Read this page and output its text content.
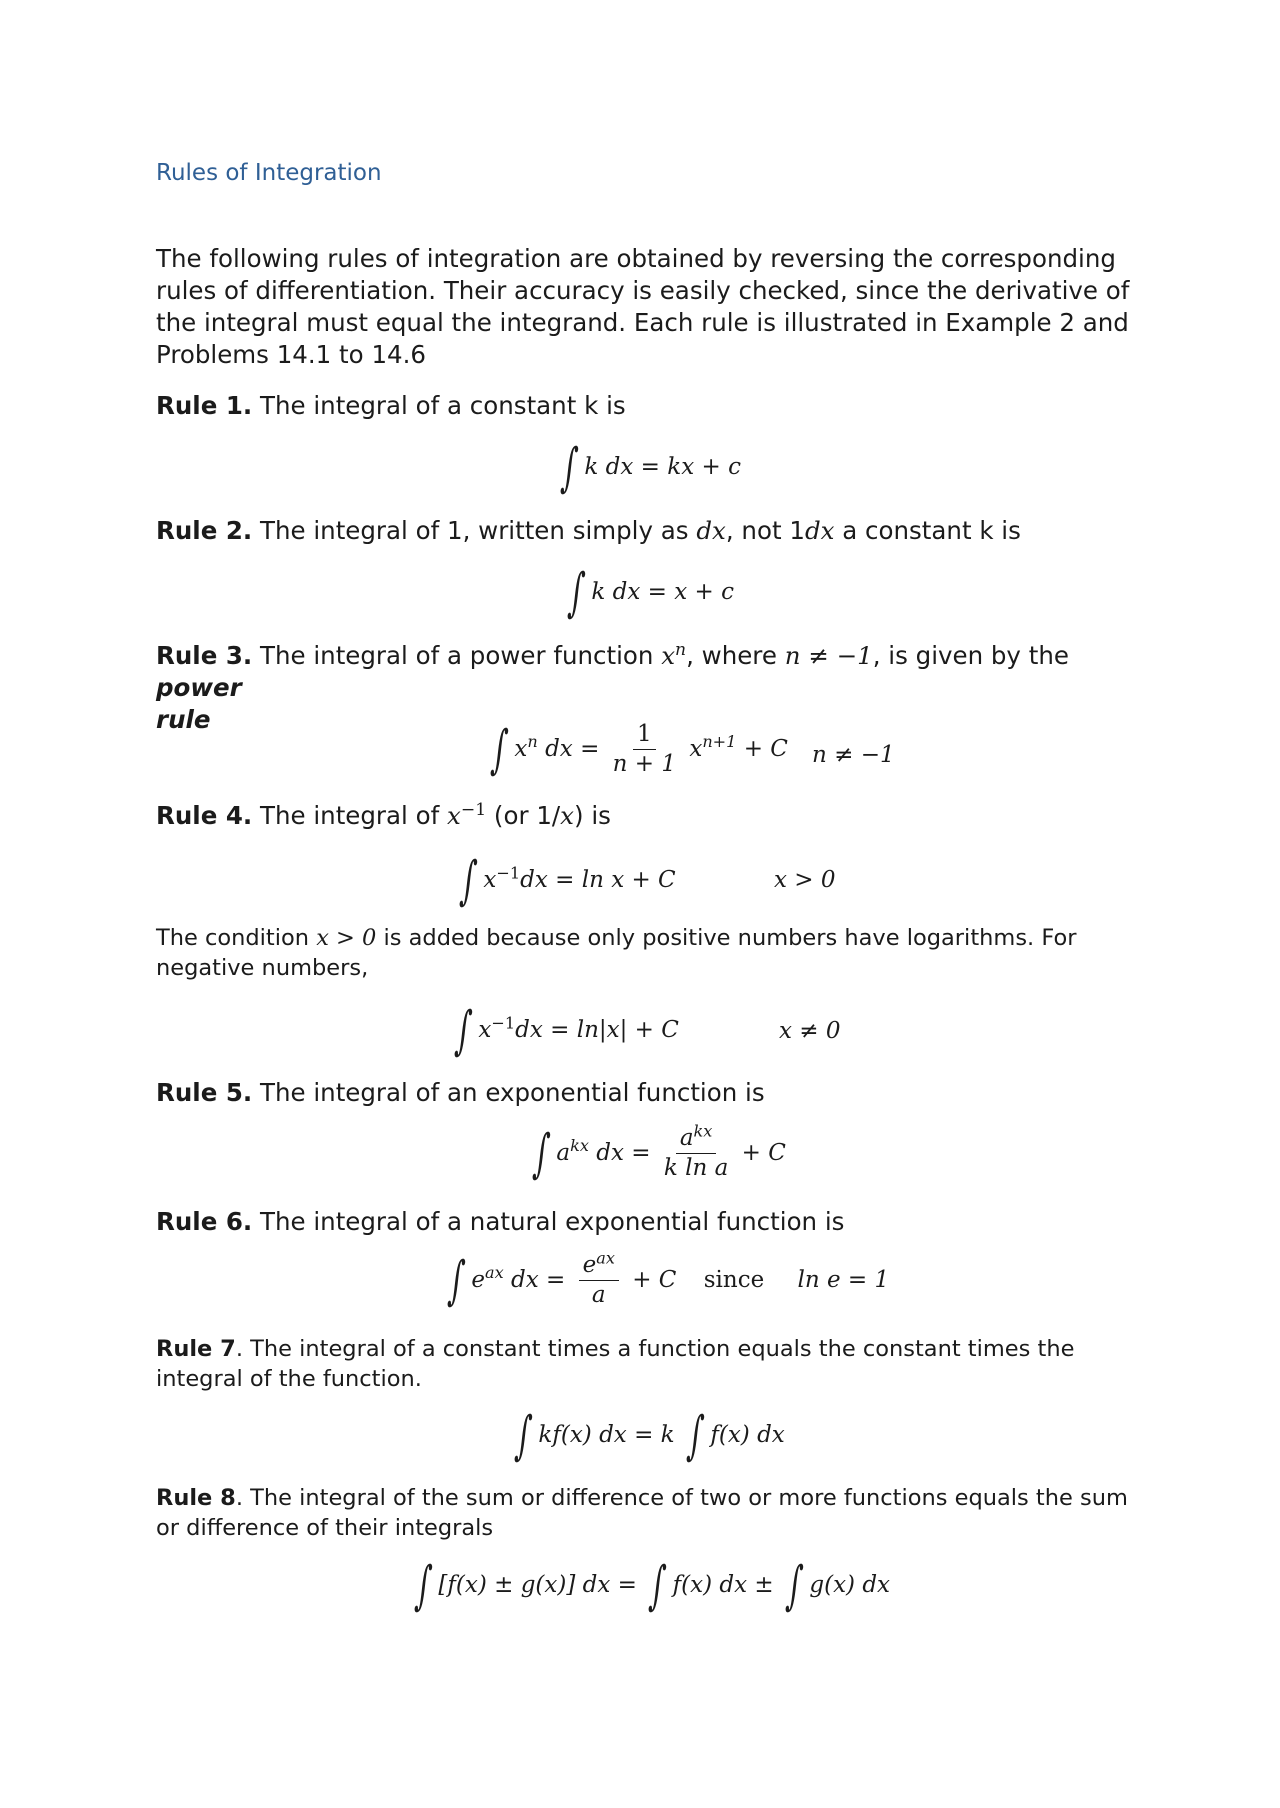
Rules of Integration
The following rules of integration are obtained by reversing the corresponding rules of differentiation. Their accuracy is easily checked, since the derivative of the integral must equal the integrand. Each rule is illustrated in Example 2 and Problems 14.1 to 14.6
Rule 1. The integral of a constant k is
∫ k dx = kx + c
Rule 2. The integral of 1, written simply as dx, not 1dx a constant k is
∫ k dx = x + c
Rule 3. The integral of a power function $x^n$, where n ≠ −1, is given by the power
rule
∫ $x^n$ dx = $\frac{1}{n + 1} x^{n+1} + C$ n ≠ −1
Rule 4. The integral of $x^{-1}$ (or 1/x) is
∫ $x^{-1}dx = \ln x + C$	x > 0
The condition x > 0 is added because only positive numbers have logarithms. For negative numbers,
∫ $x^{-1}dx = \ln|x| + C$	x ≠ 0
Rule 5. The integral of an exponential function is
∫ $a^{kx}$ dx = $\frac{a^{kx}}{\text{k ln a}} + C$
Rule 6. The integral of a natural exponential function is
∫ $e^{ax}$ dx = $\frac{e^{ax}}{a} + C$ since ln e = 1
Rule 7. The integral of a constant times a function equals the constant times the integral of the function.
∫ kf(x) dx = k ∫ f(x) dx
Rule 8. The integral of the sum or difference of two or more functions equals the sum or difference of their integrals
∫ [f(x) ± g(x)] dx = ∫ f(x) dx ± ∫ g(x) dx
